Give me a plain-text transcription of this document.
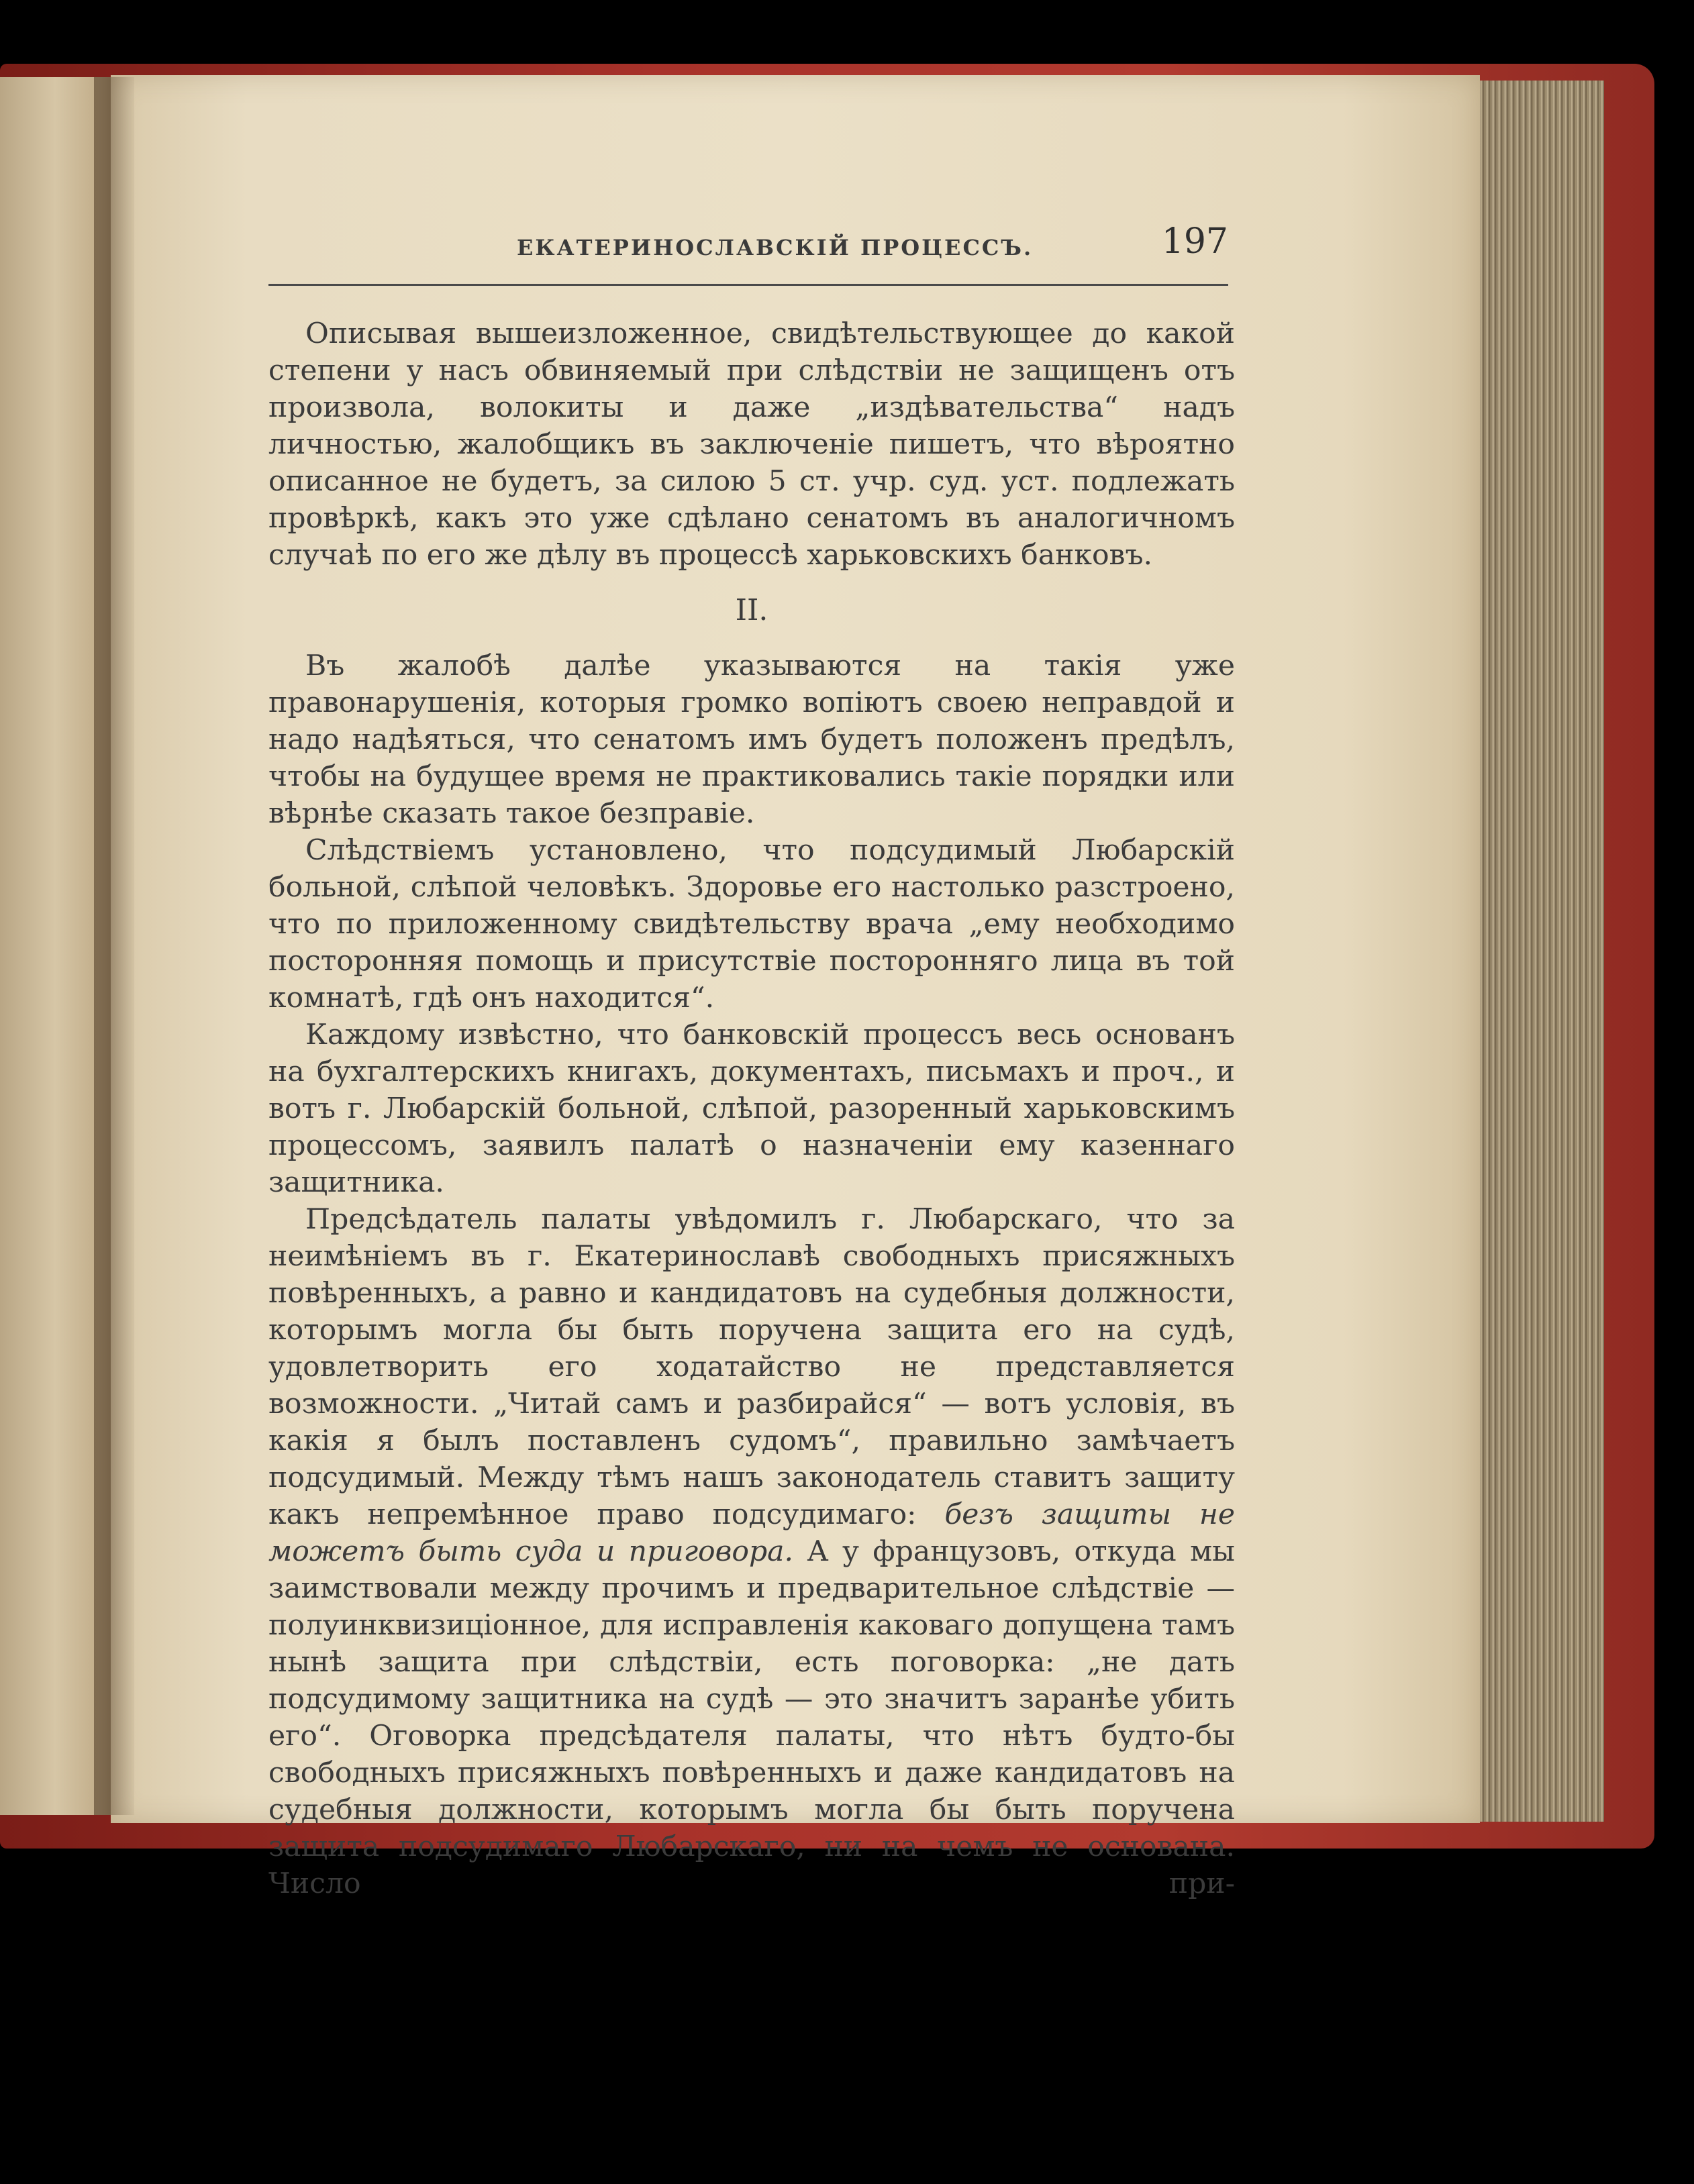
ЕКАТЕРИНОСЛАВСКІЙ ПРОЦЕССЪ.	197

Описывая вышеизложенное, свидѣтельствующее до какой степени у насъ обвиняемый при слѣдствіи не защищенъ отъ произвола, волокиты и даже „издѣвательства“ надъ личностью, жалобщикъ въ заключеніе пишетъ, что вѣроятно описанное не будетъ, за силою 5 ст. учр. суд. уст. подлежать провѣркѣ, какъ это уже сдѣлано сенатомъ въ аналогичномъ случаѣ по его же дѣлу въ процессѣ харьковскихъ банковъ.

II.

Въ жалобѣ далѣе указываются на такія уже правонарушенія, которыя громко вопіютъ своею неправдой и надо надѣяться, что сенатомъ имъ будетъ положенъ предѣлъ, чтобы на будущее время не практиковались такіе порядки или вѣрнѣе сказать такое безправіе.

Слѣдствіемъ установлено, что подсудимый Любарскій больной, слѣпой человѣкъ. Здоровье его настолько разстроено, что по приложенному свидѣтельству врача „ему необходимо посторонняя помощь и присутствіе посторонняго лица въ той комнатѣ, гдѣ онъ находится“.

Каждому извѣстно, что банковскій процессъ весь основанъ на бухгалтерскихъ книгахъ, документахъ, письмахъ и проч., и вотъ г. Любарскій больной, слѣпой, разоренный харьковскимъ процессомъ, заявилъ палатѣ о назначеніи ему казеннаго защитника.

Предсѣдатель палаты увѣдомилъ г. Любарскаго, что за неимѣніемъ въ г. Екатеринославѣ свободныхъ присяжныхъ повѣренныхъ, а равно и кандидатовъ на судебныя должности, которымъ могла бы быть поручена защита его на судѣ, удовлетворить его ходатайство не представляется возможности. „Читай самъ и разбирайся“ — вотъ условія, въ какія я былъ поставленъ судомъ“, правильно замѣчаетъ подсудимый. Между тѣмъ нашъ законодатель ставитъ защиту какъ непремѣнное право подсудимаго: безъ защиты не можетъ быть суда и приговора. А у французовъ, откуда мы заимствовали между прочимъ и предварительное слѣдствіе — полуинквизиціонное, для исправленія каковаго допущена тамъ нынѣ защита при слѣдствіи, есть поговорка: „не дать подсудимому защитника на судѣ — это значитъ заранѣе убить его“. Оговорка предсѣдателя палаты, что нѣтъ будто-бы свободныхъ присяжныхъ повѣренныхъ и даже кандидатовъ на судебныя должности, которымъ могла бы быть поручена защита подсудимаго Любарскаго, ни на чемъ не основана. Число при-
